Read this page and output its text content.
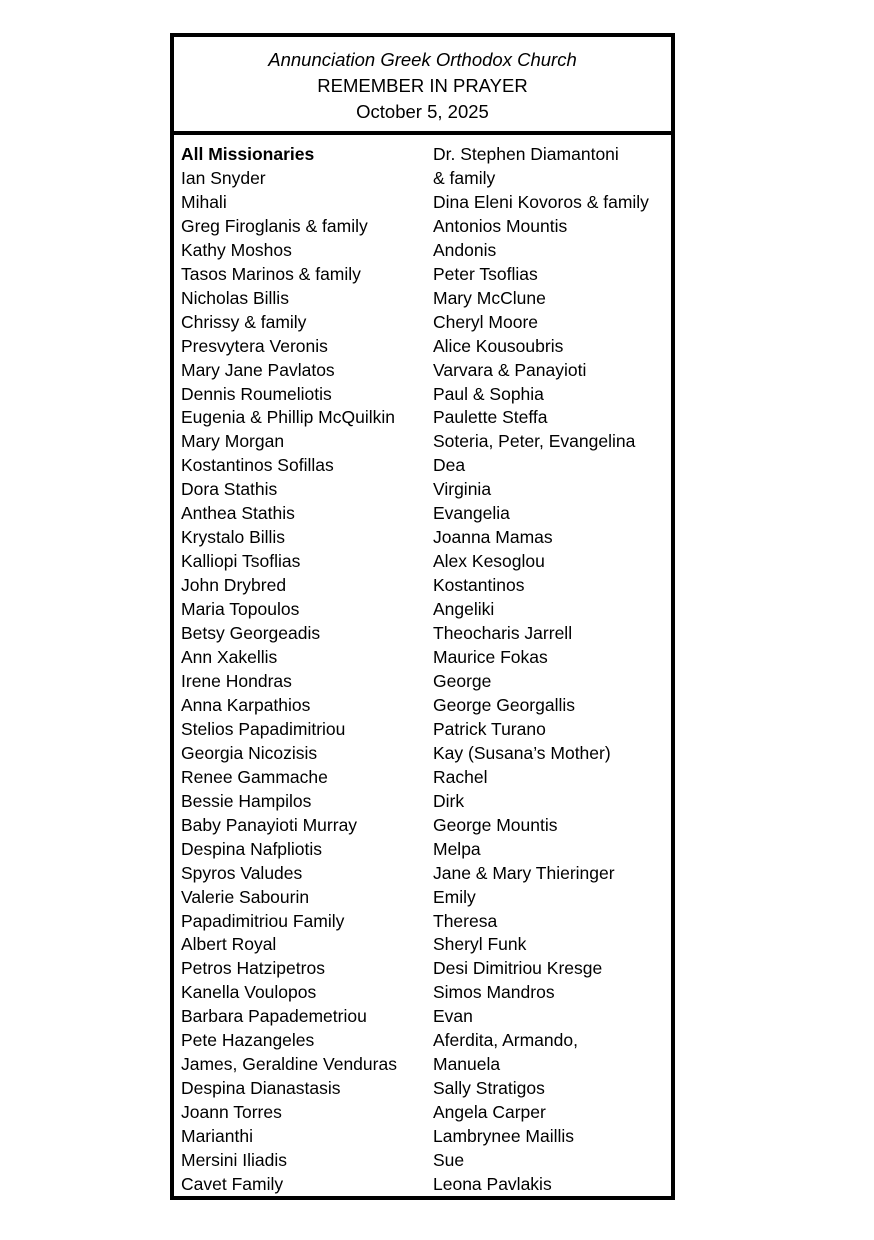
Annunciation Greek Orthodox Church
REMEMBER IN PRAYER
October 5, 2025
All Missionaries
Ian Snyder
Mihali
Greg Firoglanis & family
Kathy Moshos
Tasos Marinos & family
Nicholas Billis
Chrissy & family
Presvytera Veronis
Mary Jane Pavlatos
Dennis Roumeliotis
Eugenia & Phillip McQuilkin
Mary Morgan
Kostantinos Sofillas
Dora Stathis
Anthea Stathis
Krystalo Billis
Kalliopi Tsoflias
John Drybred
Maria Topoulos
Betsy Georgeadis
Ann Xakellis
Irene Hondras
Anna Karpathios
Stelios Papadimitriou
Georgia Nicozisis
Renee Gammache
Bessie Hampilos
Baby Panayioti Murray
Despina Nafpliotis
Spyros Valudes
Valerie Sabourin
Papadimitriou Family
Albert Royal
Petros Hatzipetros
Kanella Voulopos
Barbara Papademetriou
Pete Hazangeles
James, Geraldine Venduras
Despina Dianastasis
Joann Torres
Marianthi
Mersini Iliadis
Cavet Family
Dr. Stephen Diamantoni
& family
Dina Eleni Kovoros & family
Antonios Mountis
Andonis
Peter Tsoflias
Mary McClune
Cheryl Moore
Alice Kousoubris
Varvara & Panayioti
Paul & Sophia
Paulette Steffa
Soteria, Peter, Evangelina
Dea
Virginia
Evangelia
Joanna Mamas
Alex Kesoglou
Kostantinos
Angeliki
Theocharis Jarrell
Maurice Fokas
George
George Georgallis
Patrick Turano
Kay (Susana’s Mother)
Rachel
Dirk
George Mountis
Melpa
Jane & Mary Thieringer
Emily
Theresa
Sheryl Funk
Desi Dimitriou Kresge
Simos Mandros
Evan
Aferdita, Armando,
Manuela
Sally Stratigos
Angela Carper
Lambrynee Maillis
Sue
Leona Pavlakis
